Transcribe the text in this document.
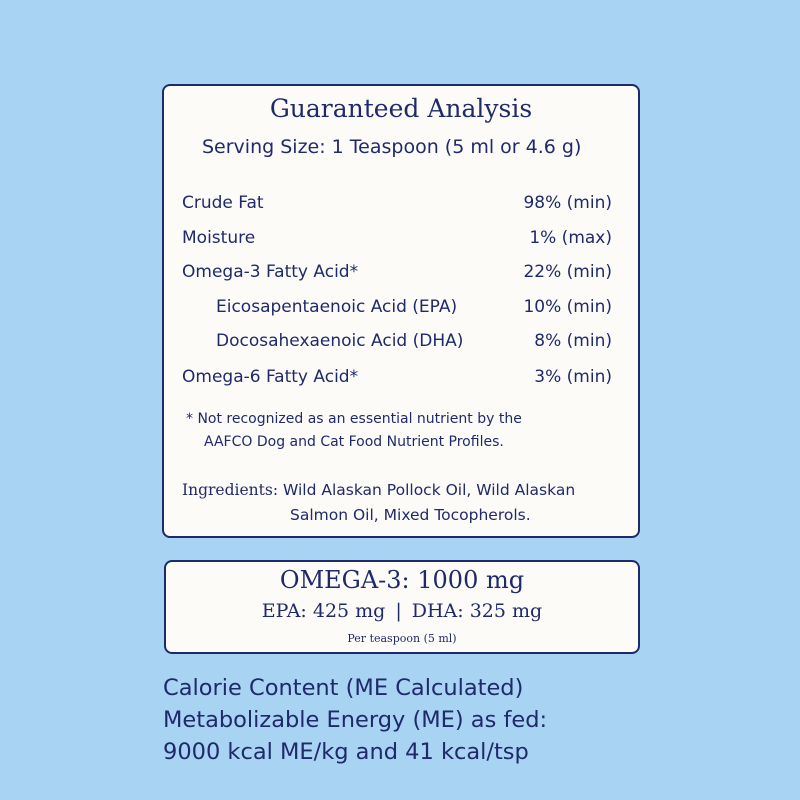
Guaranteed Analysis
Serving Size: 1 Teaspoon (5 ml or 4.6 g)
Crude Fat	98% (min)
Moisture	1% (max)
Omega-3 Fatty Acid*	22% (min)
Eicosapentaenoic Acid (EPA)	10% (min)
Docosahexaenoic Acid (DHA)	8% (min)
Omega-6 Fatty Acid*	3% (min)
* Not recognized as an essential nutrient by the
AAFCO Dog and Cat Food Nutrient Profiles.
Ingredients: Wild Alaskan Pollock Oil, Wild Alaskan
Salmon Oil, Mixed Tocopherols.
OMEGA-3: 1000 mg
EPA: 425 mg | DHA: 325 mg
Per teaspoon (5 ml)
Calorie Content (ME Calculated)
Metabolizable Energy (ME) as fed:
9000 kcal ME/kg and 41 kcal/tsp
